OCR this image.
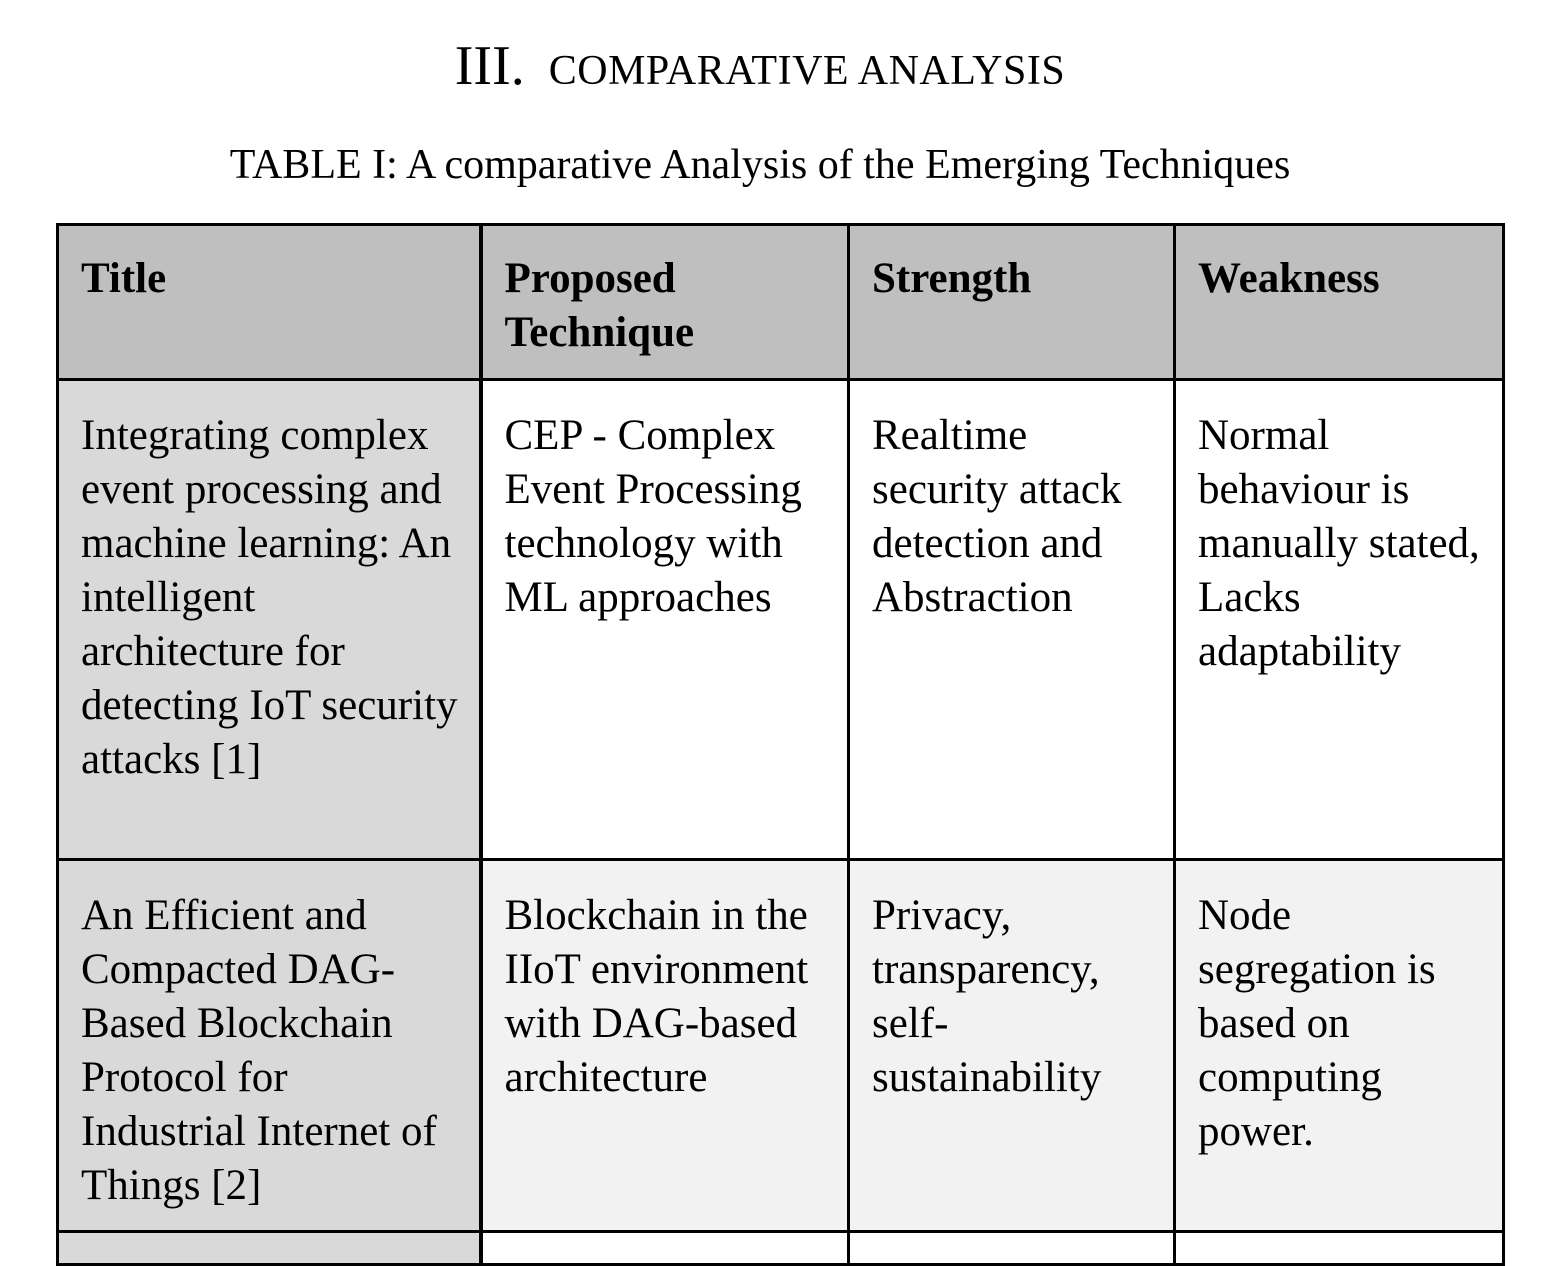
III. COMPARATIVE ANALYSIS
TABLE I: A comparative Analysis of the Emerging Techniques
Title	Proposed Technique	Strength	Weakness
Integrating complex event processing and machine learning: An intelligent architecture for detecting IoT security attacks [1]	CEP - Complex Event Processing technology with ML approaches	Realtime security attack detection and Abstraction	Normal behaviour is manually stated, Lacks adaptability
An Efficient and Compacted DAG-Based Blockchain Protocol for Industrial Internet of Things [2]	Blockchain in the IIoT environment with DAG-based architecture	Privacy, transparency, self-sustainability	Node segregation is based on computing power.
